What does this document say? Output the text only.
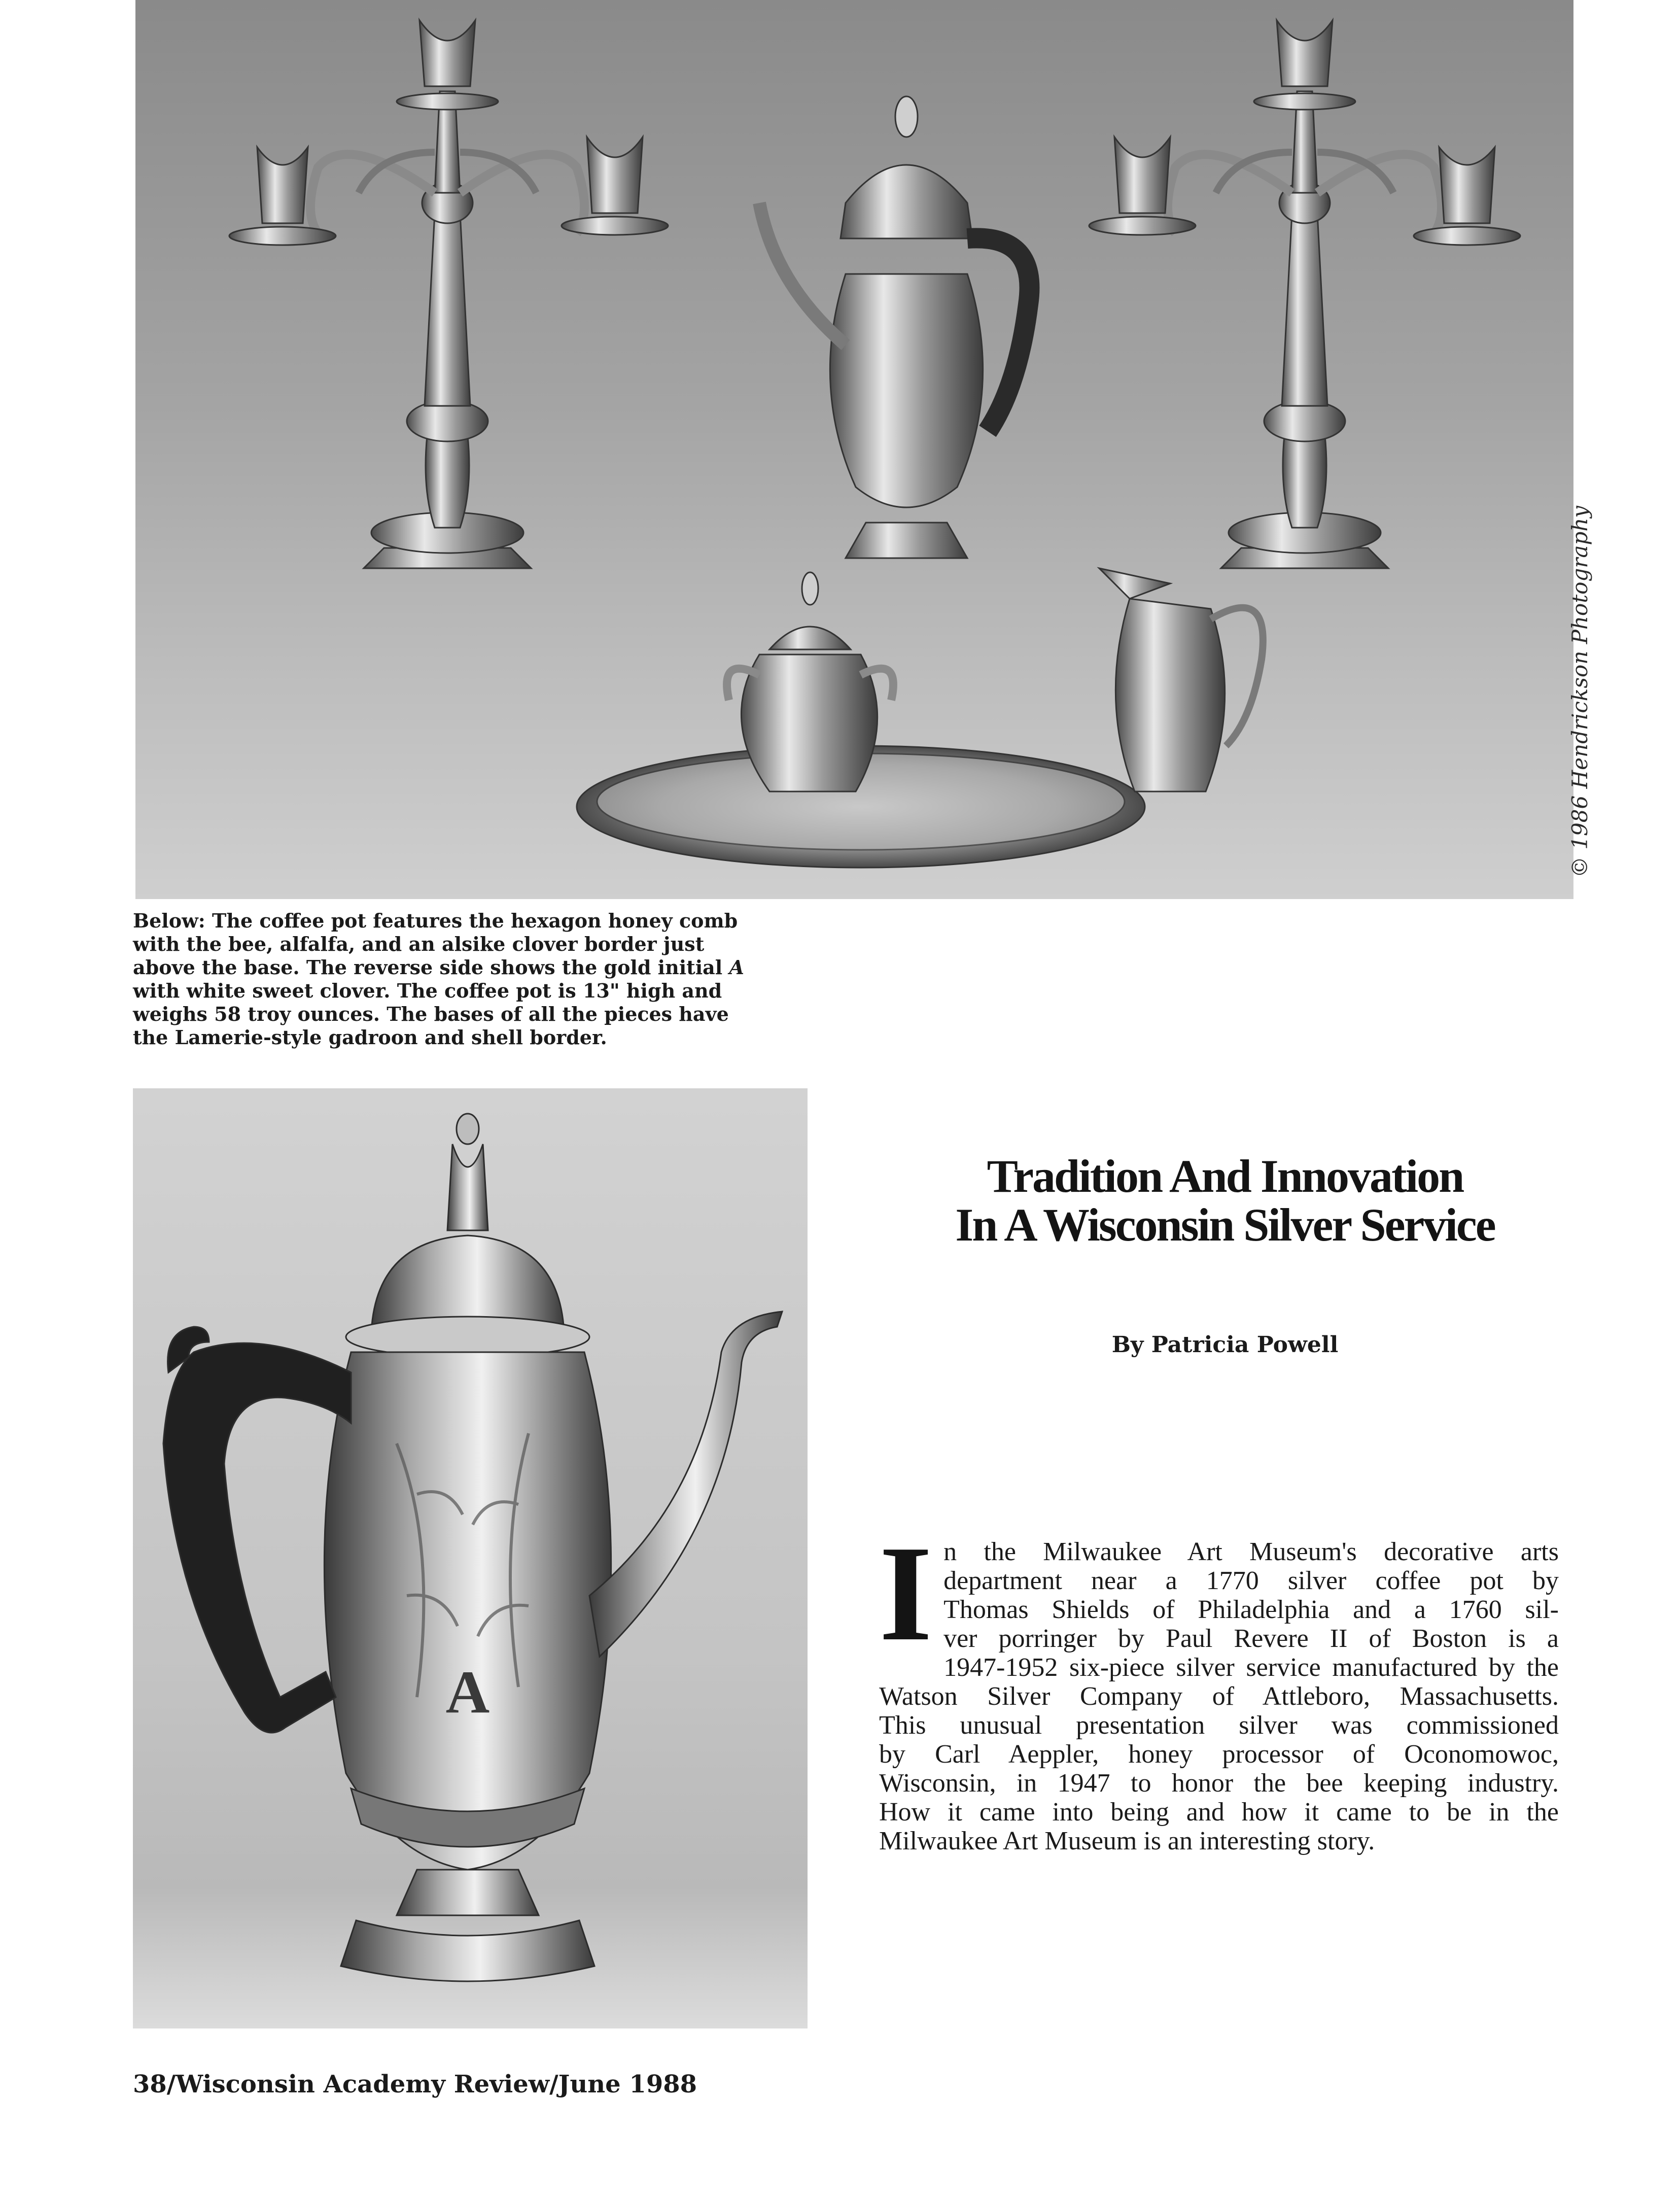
© 1986 Hendrickson Photography
Below: The coffee pot features the hexagon honey comb
with the bee, alfalfa, and an alsike clover border just
above the base. The reverse side shows the gold initial A
with white sweet clover. The coffee pot is 13" high and
weighs 58 troy ounces. The bases of all the pieces have
the Lamerie-style gadroon and shell border.
A
Tradition And Innovation
In A Wisconsin Silver Service
By Patricia Powell
I n the Milwaukee Art Museum's decorative arts
department near a 1770 silver coffee pot by
Thomas Shields of Philadelphia and a 1760 sil-
ver porringer by Paul Revere II of Boston is a
1947-1952 six-piece silver service manufactured by the
Watson Silver Company of Attleboro, Massachusetts.
This unusual presentation silver was commissioned
by Carl Aeppler, honey processor of Oconomowoc,
Wisconsin, in 1947 to honor the bee keeping industry.
How it came into being and how it came to be in the
Milwaukee Art Museum is an interesting story.
38/Wisconsin Academy Review/June 1988
